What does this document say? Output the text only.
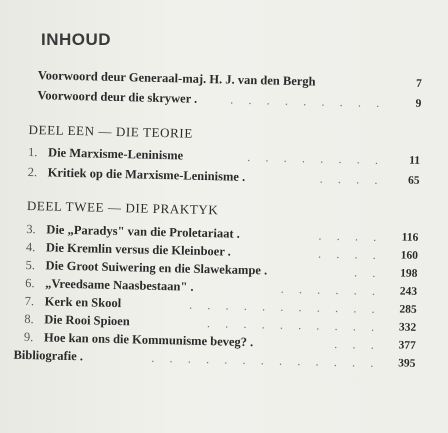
INHOUD
Voorwoord deur Generaal-maj. H. J. van den Bergh	7
Voorwoord deur die skrywer .	. . . . . . . . .	9
DEEL EEN — DIE TEORIE
1. Die Marxisme-Leninisme	. . . . . . . .	11
2. Kritiek op die Marxisme-Leninisme .	. . . .	65
DEEL TWEE — DIE PRAKTYK
3. Die „Paradys" van die Proletariaat .	. . . .	116
4. Die Kremlin versus die Kleinboer .	. . . .	160
5. Die Groot Suiwering en die Slawekampe .	. .	198
6. „Vreedsame Naasbestaan" .	. . . . . .	243
7. Kerk en Skool	. . . . . . . . . . .	285
8. Die Rooi Spioen	. . . . . . . . . .	332
9. Hoe kan ons die Kommunisme beveg? .	. . .	377
Bibliografie .	. . . . . . . . . . . . .	395
